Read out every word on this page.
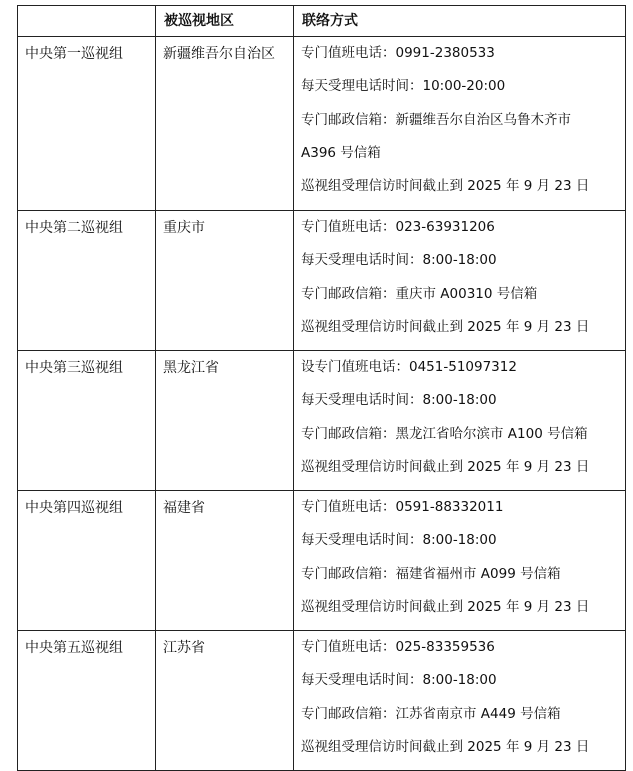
	被巡视地区	联络方式
中央第一巡视组	新疆维吾尔自治区	专门值班电话：0991-2380533
每天受理电话时间：10:00-20:00
专门邮政信箱：新疆维吾尔自治区乌鲁木齐市
A396 号信箱
巡视组受理信访时间截止到 2025 年 9 月 23 日

中央第二巡视组	重庆市	专门值班电话：023-63931206
每天受理电话时间：8:00-18:00
专门邮政信箱：重庆市 A00310 号信箱
巡视组受理信访时间截止到 2025 年 9 月 23 日

中央第三巡视组	黑龙江省	设专门值班电话：0451-51097312
每天受理电话时间：8:00-18:00
专门邮政信箱：黑龙江省哈尔滨市 A100 号信箱
巡视组受理信访时间截止到 2025 年 9 月 23 日

中央第四巡视组	福建省	专门值班电话：0591-88332011
每天受理电话时间：8:00-18:00
专门邮政信箱：福建省福州市 A099 号信箱
巡视组受理信访时间截止到 2025 年 9 月 23 日

中央第五巡视组	江苏省	专门值班电话：025-83359536
每天受理电话时间：8:00-18:00
专门邮政信箱：江苏省南京市 A449 号信箱
巡视组受理信访时间截止到 2025 年 9 月 23 日
